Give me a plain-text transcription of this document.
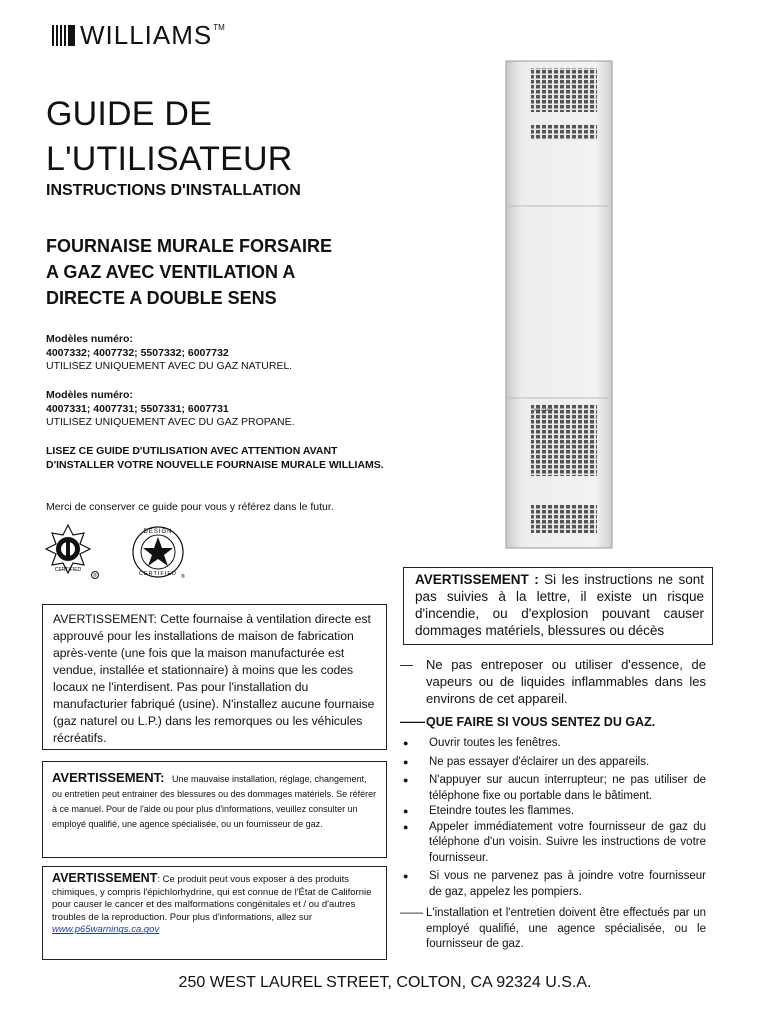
WILLIAMS TM
GUIDE DE
L'UTILISATEUR
INSTRUCTIONS D'INSTALLATION
FOURNAISE MURALE FORSAIRE
A GAZ AVEC VENTILATION A
DIRECTE A DOUBLE SENS
Modèles numéro:
4007332; 4007732; 5507332; 6007732
UTILISEZ UNIQUEMENT AVEC DU GAZ NATUREL.
Modèles numéro:
4007331; 4007731; 5507331; 6007731
UTILISEZ UNIQUEMENT AVEC DU GAZ PROPANE.
LISEZ CE GUIDE D'UTILISATION AVEC ATTENTION AVANT D'INSTALLER VOTRE NOUVELLE FOURNAISE MURALE WILLIAMS.
Merci de conserver ce guide pour vous y référez dans le futur.
CERTIFIED
®
DESIGN
CERTIFIED ®
WILLIAMS
AVERTISSEMENT: Cette fournaise à ventilation directe est approuvé pour les installations de maison de fabrication après-vente (une fois que la maison manufacturée est vendue, installée et stationnaire) à moins que les codes locaux ne l'interdisent. Pas pour l'installation du manufacturier fabriqué (usine). N'installez aucune fournaise (gaz naturel ou L.P.) dans les remorques ou les véhicules récréatifs.
AVERTISSEMENT: Une mauvaise installation, réglage, changement, ou entretien peut entrainer des blessures ou des dommages matériels. Se référer à ce manuel. Pour de l'aide ou pour plus d'informations, veuillez consulter un employé qualifié, une agence spécialisée, ou un fournisseur de gaz.
AVERTISSEMENT: Ce produit peut vous exposer à des produits chimiques, y compris l'épichlorhydrine, qui est connue de l'État de Californie pour causer le cancer et des malformations congénitales et / ou d'autres troubles de la reproduction. Pour plus d'informations, allez sur
www.p65warnings.ca.gov
AVERTISSEMENT : Si les instructions ne sont pas suivies à la lettre, il existe un risque d'incendie, ou d'explosion pouvant causer dommages matériels, blessures ou décès
—	Ne pas entreposer ou utiliser d'essence, de vapeurs ou de liquides inflammables dans les environs de cet appareil.
—— QUE FAIRE SI VOUS SENTEZ DU GAZ.
●	Ouvrir toutes les fenêtres.
●	Ne pas essayer d'éclairer un des appareils.
●	N'appuyer sur aucun interrupteur; ne pas utiliser de téléphone fixe ou portable dans le bâtiment.
●	Eteindre toutes les flammes.
●	Appeler immédiatement votre fournisseur de gaz du téléphone d'un voisin. Suivre les instructions de votre fournisseur.
●	Si vous ne parvenez pas à joindre votre fournisseur de gaz, appelez les pompiers.
—— L'installation et l'entretien doivent être effectués par un employé qualifié, une agence spécialisée, ou le fournisseur de gaz.
250 WEST LAUREL STREET, COLTON, CA 92324 U.S.A.
